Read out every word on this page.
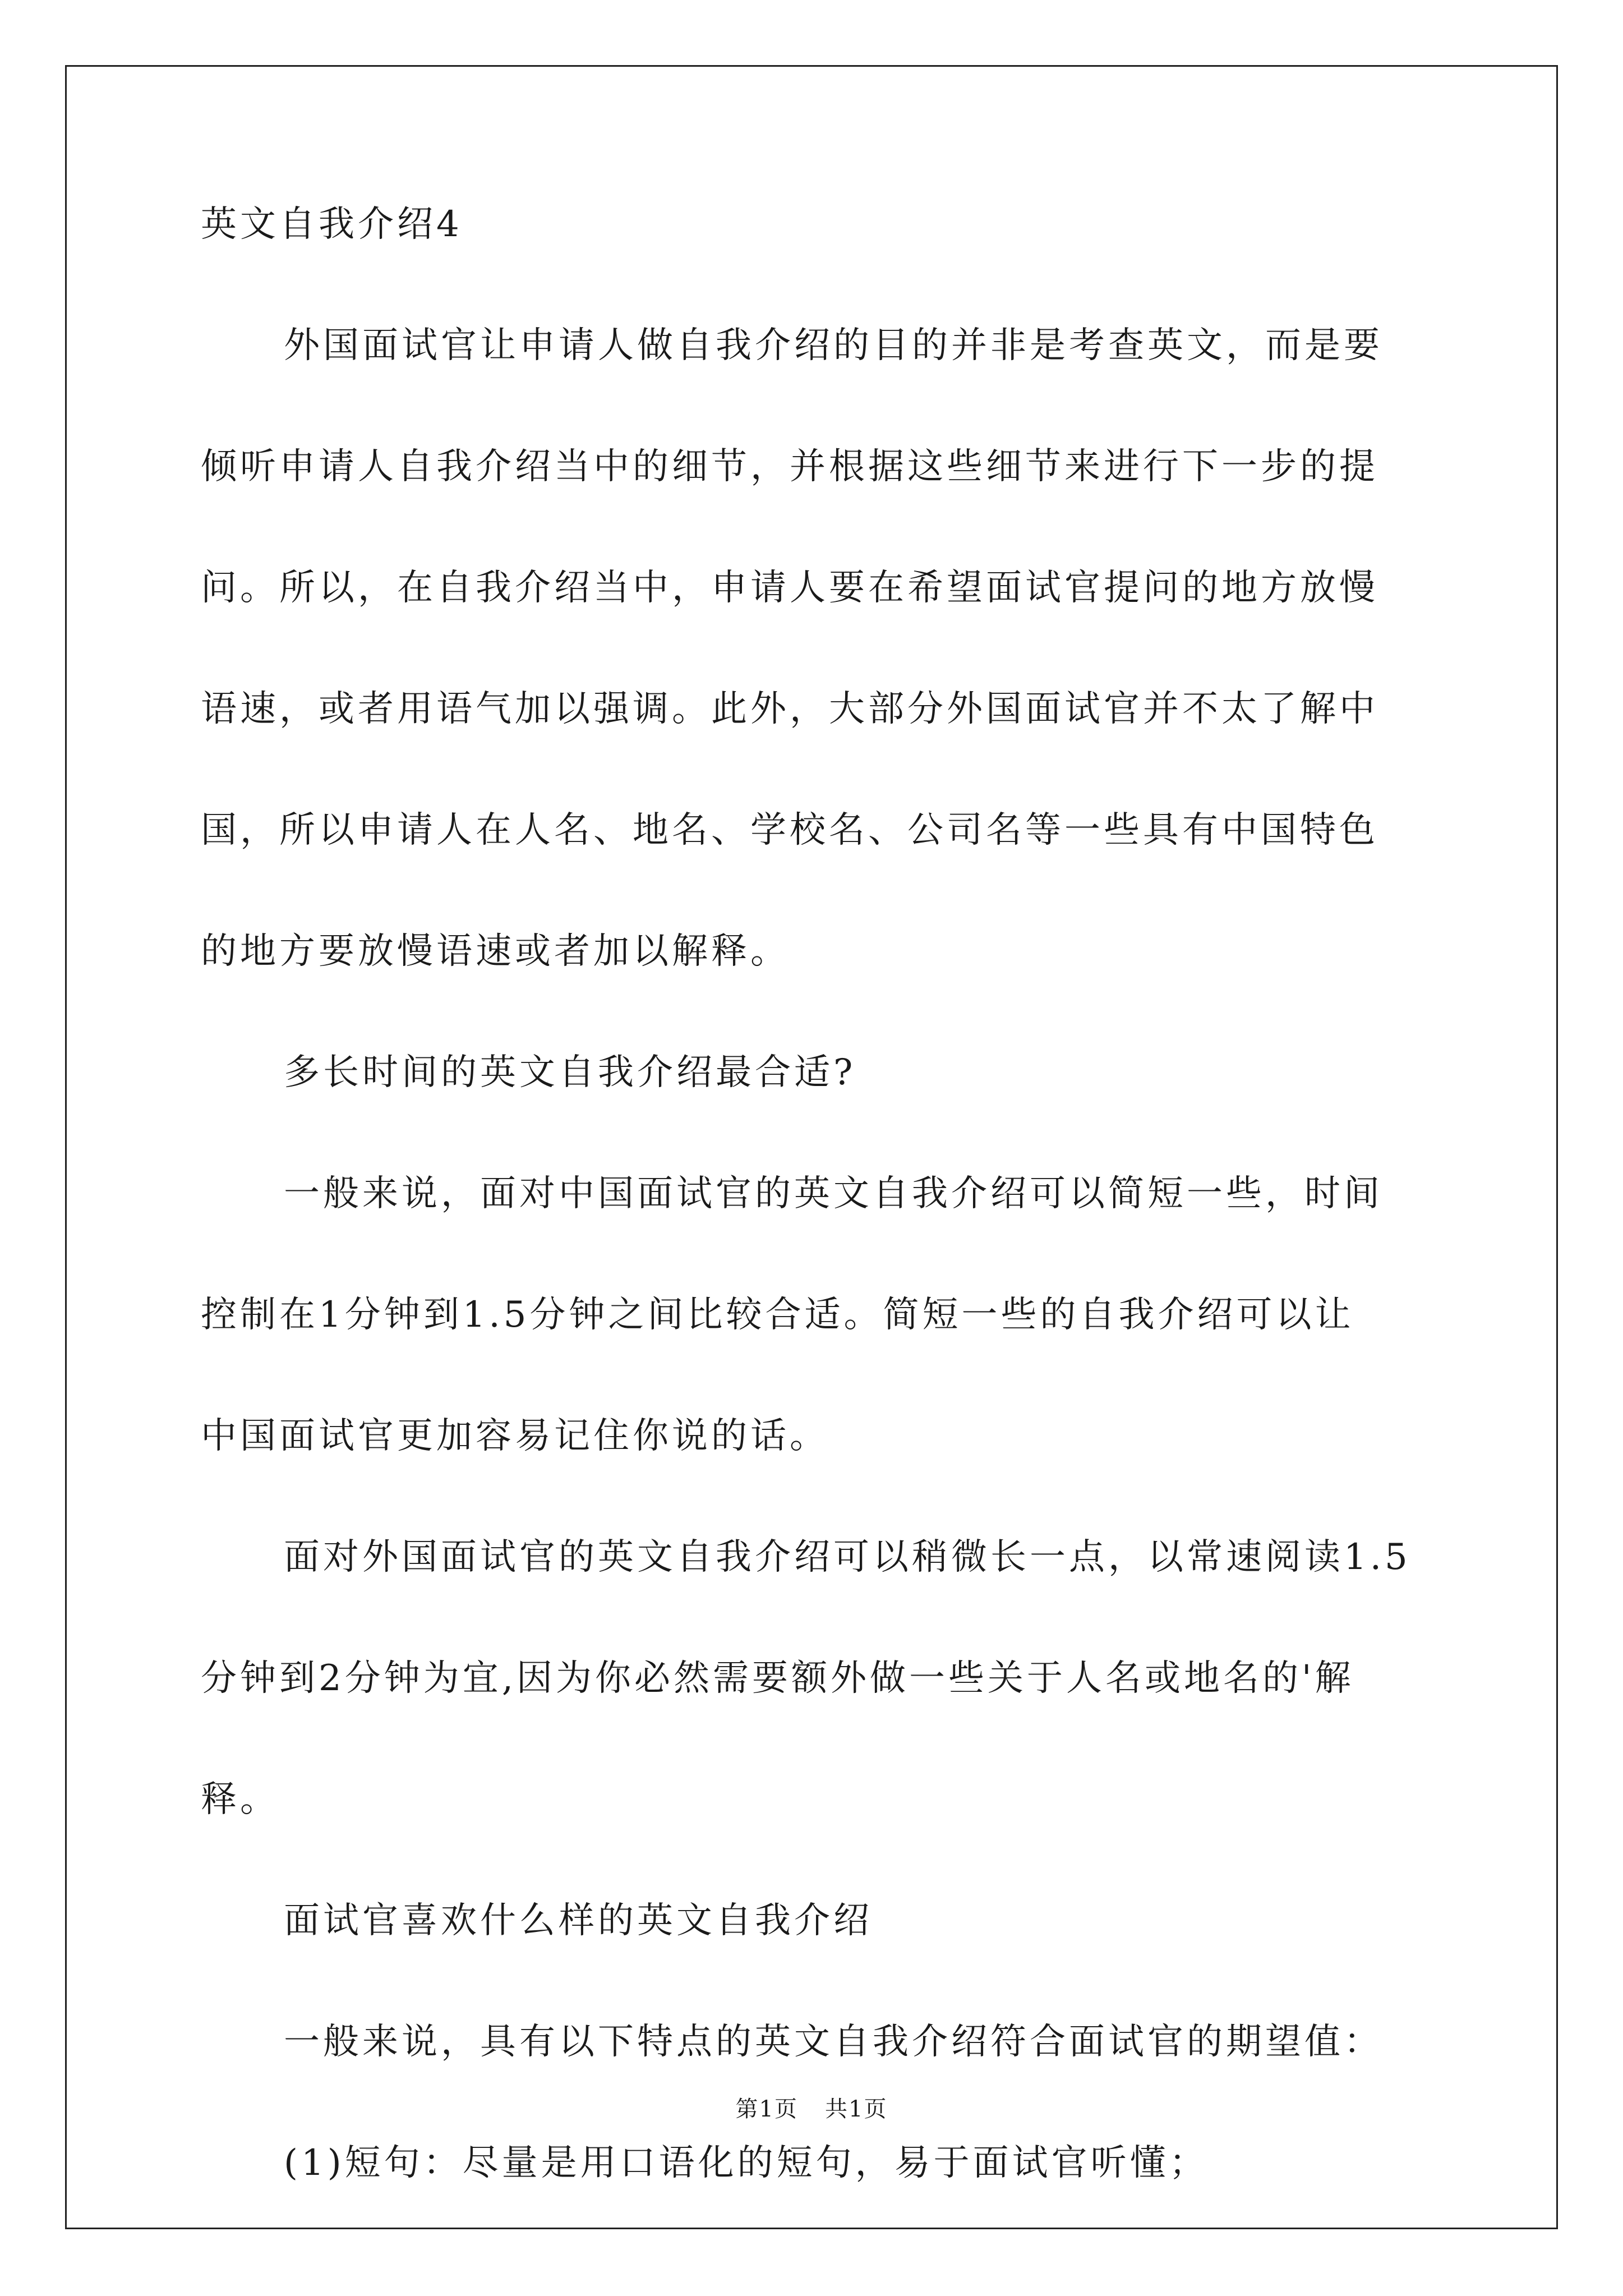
英文自我介绍4
外国面试官让申请人做自我介绍的目的并非是考查英文，而是要
倾听申请人自我介绍当中的细节，并根据这些细节来进行下一步的提
问。所以，在自我介绍当中，申请人要在希望面试官提问的地方放慢
语速，或者用语气加以强调。此外，大部分外国面试官并不太了解中
国，所以申请人在人名、地名、学校名、公司名等一些具有中国特色
的地方要放慢语速或者加以解释。
多长时间的英文自我介绍最合适?
一般来说，面对中国面试官的英文自我介绍可以简短一些，时间
控制在1分钟到1.5分钟之间比较合适。简短一些的自我介绍可以让
中国面试官更加容易记住你说的话。
面对外国面试官的英文自我介绍可以稍微长一点，以常速阅读1.5
分钟到2分钟为宜,因为你必然需要额外做一些关于人名或地名的'解
释。
面试官喜欢什么样的英文自我介绍
一般来说，具有以下特点的英文自我介绍符合面试官的期望值：
(1)短句：尽量是用口语化的短句，易于面试官听懂；
第1页 共1页
